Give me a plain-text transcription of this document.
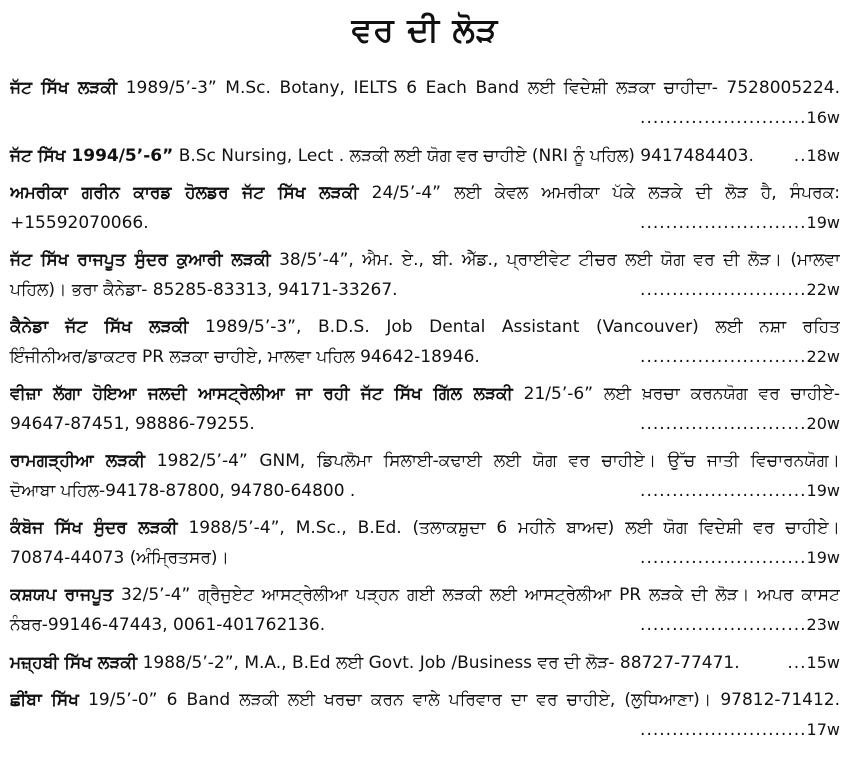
ਵਰ ਦੀ ਲੋੜ
ਜੱਟ ਸਿੱਖ ਲੜਕੀ 1989/5’-3” M.Sc. Botany, IELTS 6 Each Band ਲਈ ਵਿਦੇਸ਼ੀ ਲੜਕਾ ਚਾਹੀਦਾ- 7528005224.
..........................16w
ਜੱਟ ਸਿੱਖ 1994/5’-6” B.Sc Nursing, Lect . ਲੜਕੀ ਲਈ ਯੋਗ ਵਰ ਚਾਹੀਏ (NRI ਨੂੰ ਪਹਿਲ) 9417484403. ..18w
ਅਮਰੀਕਾ ਗਰੀਨ ਕਾਰਡ ਹੋਲਡਰ ਜੱਟ ਸਿੱਖ ਲੜਕੀ 24/5’-4” ਲਈ ਕੇਵਲ ਅਮਰੀਕਾ ਪੱਕੇ ਲੜਕੇ ਦੀ ਲੋੜ ਹੈ, ਸੰਪਰਕ:
+15592070066.	..........................19w
ਜੱਟ ਸਿੱਖ ਰਾਜਪੂਤ ਸੁੰਦਰ ਕੁਆਰੀ ਲੜਕੀ 38/5’-4”, ਐਮ. ਏ., ਬੀ. ਐੱਡ., ਪ੍ਰਾਈਵੇਟ ਟੀਚਰ ਲਈ ਯੋਗ ਵਰ ਦੀ ਲੋੜ। (ਮਾਲਵਾ
ਪਹਿਲ)। ਭਰਾ ਕੈਨੇਡਾ- 85285-83313, 94171-33267.	..........................22w
ਕੈਨੇਡਾ ਜੱਟ ਸਿੱਖ ਲੜਕੀ 1989/5’-3”, B.D.S. Job Dental Assistant (Vancouver) ਲਈ ਨਸ਼ਾ ਰਹਿਤ
ਇੰਜੀਨੀਅਰ/ਡਾਕਟਰ PR ਲੜਕਾ ਚਾਹੀਏ, ਮਾਲਵਾ ਪਹਿਲ 94642-18946.	..........................22w
ਵੀਜ਼ਾ ਲੱਗਾ ਹੋਇਆ ਜਲਦੀ ਆਸਟ੍ਰੇਲੀਆ ਜਾ ਰਹੀ ਜੱਟ ਸਿੱਖ ਗਿੱਲ ਲੜਕੀ 21/5’-6” ਲਈ ਖ਼ਰਚਾ ਕਰਨਯੋਗ ਵਰ ਚਾਹੀਏ-
94647-87451, 98886-79255.	..........................20w
ਰਾਮਗੜ੍ਹੀਆ ਲੜਕੀ 1982/5’-4” GNM, ਡਿਪਲੋਮਾ ਸਿਲਾਈ-ਕਢਾਈ ਲਈ ਯੋਗ ਵਰ ਚਾਹੀਏ। ਉੱਚ ਜਾਤੀ ਵਿਚਾਰਨਯੋਗ।
ਦੋਆਬਾ ਪਹਿਲ-94178-87800, 94780-64800 .	..........................19w
ਕੰਬੋਜ ਸਿੱਖ ਸੁੰਦਰ ਲੜਕੀ 1988/5’-4”, M.Sc., B.Ed. (ਤਲਾਕਸ਼ੁਦਾ 6 ਮਹੀਨੇ ਬਾਅਦ) ਲਈ ਯੋਗ ਵਿਦੇਸ਼ੀ ਵਰ ਚਾਹੀਏ।
70874-44073 (ਅੰਮ੍ਰਿਤਸਰ)।	..........................19w
ਕਸ਼ਯਪ ਰਾਜਪੂਤ 32/5’-4” ਗ੍ਰੈਜੁਏਟ ਆਸਟ੍ਰੇਲੀਆ ਪੜ੍ਹਨ ਗਈ ਲੜਕੀ ਲਈ ਆਸਟ੍ਰੇਲੀਆ PR ਲੜਕੇ ਦੀ ਲੋੜ। ਅਪਰ ਕਾਸਟ
ਨੰਬਰ-99146-47443, 0061-401762136.	..........................23w
ਮਜ਼੍ਹਬੀ ਸਿੱਖ ਲੜਕੀ 1988/5’-2”, M.A., B.Ed ਲਈ Govt. Job /Business ਵਰ ਦੀ ਲੋੜ- 88727-77471.	...15w
ਛੀਂਬਾ ਸਿੱਖ 19/5’-0” 6 Band ਲੜਕੀ ਲਈ ਖਰਚਾ ਕਰਨ ਵਾਲੇ ਪਰਿਵਾਰ ਦਾ ਵਰ ਚਾਹੀਏ, (ਲੁਧਿਆਣਾ)। 97812-71412.
..........................17w
